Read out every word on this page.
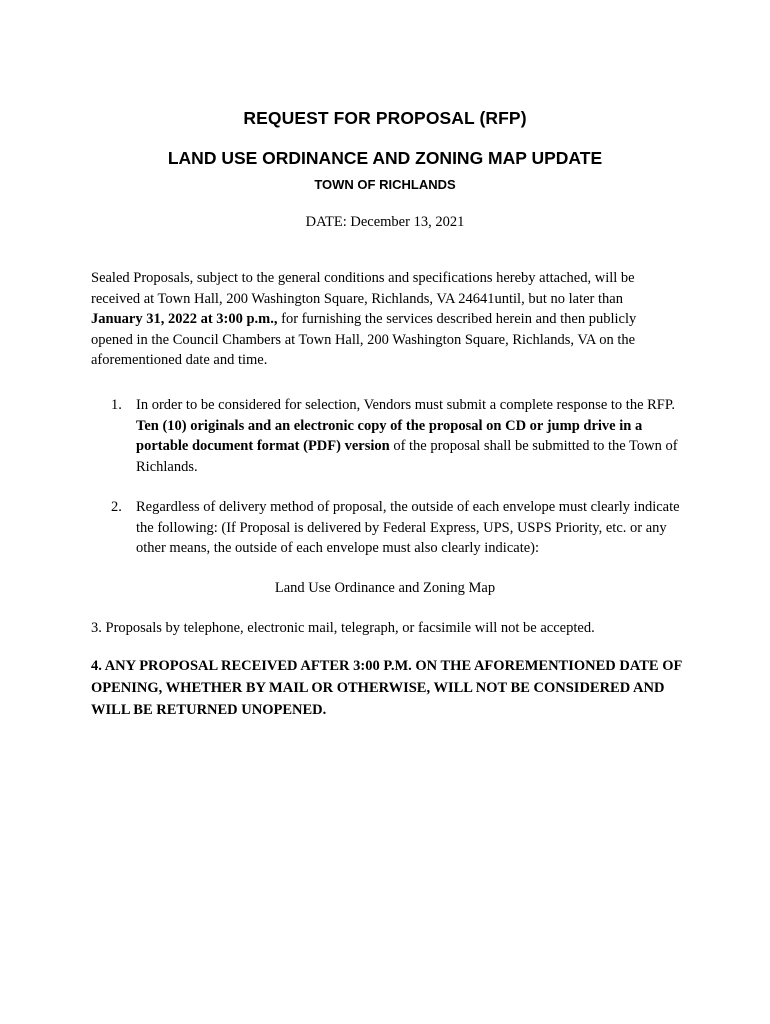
REQUEST FOR PROPOSAL (RFP)
LAND USE ORDINANCE AND ZONING MAP UPDATE
TOWN OF RICHLANDS
DATE: December 13, 2021
Sealed Proposals, subject to the general conditions and specifications hereby attached, will be received at Town Hall, 200 Washington Square, Richlands, VA 24641until, but no later than January 31, 2022 at 3:00 p.m., for furnishing the services described herein and then publicly opened in the Council Chambers at Town Hall, 200 Washington Square, Richlands, VA on the aforementioned date and time.
1. In order to be considered for selection, Vendors must submit a complete response to the RFP. Ten (10) originals and an electronic copy of the proposal on CD or jump drive in a portable document format (PDF) version of the proposal shall be submitted to the Town of Richlands.
2. Regardless of delivery method of proposal, the outside of each envelope must clearly indicate the following: (If Proposal is delivered by Federal Express, UPS, USPS Priority, etc. or any other means, the outside of each envelope must also clearly indicate):
Land Use Ordinance and Zoning Map
3. Proposals by telephone, electronic mail, telegraph, or facsimile will not be accepted.
4. ANY PROPOSAL RECEIVED AFTER 3:00 P.M. ON THE AFOREMENTIONED DATE OF OPENING, WHETHER BY MAIL OR OTHERWISE, WILL NOT BE CONSIDERED AND WILL BE RETURNED UNOPENED.
